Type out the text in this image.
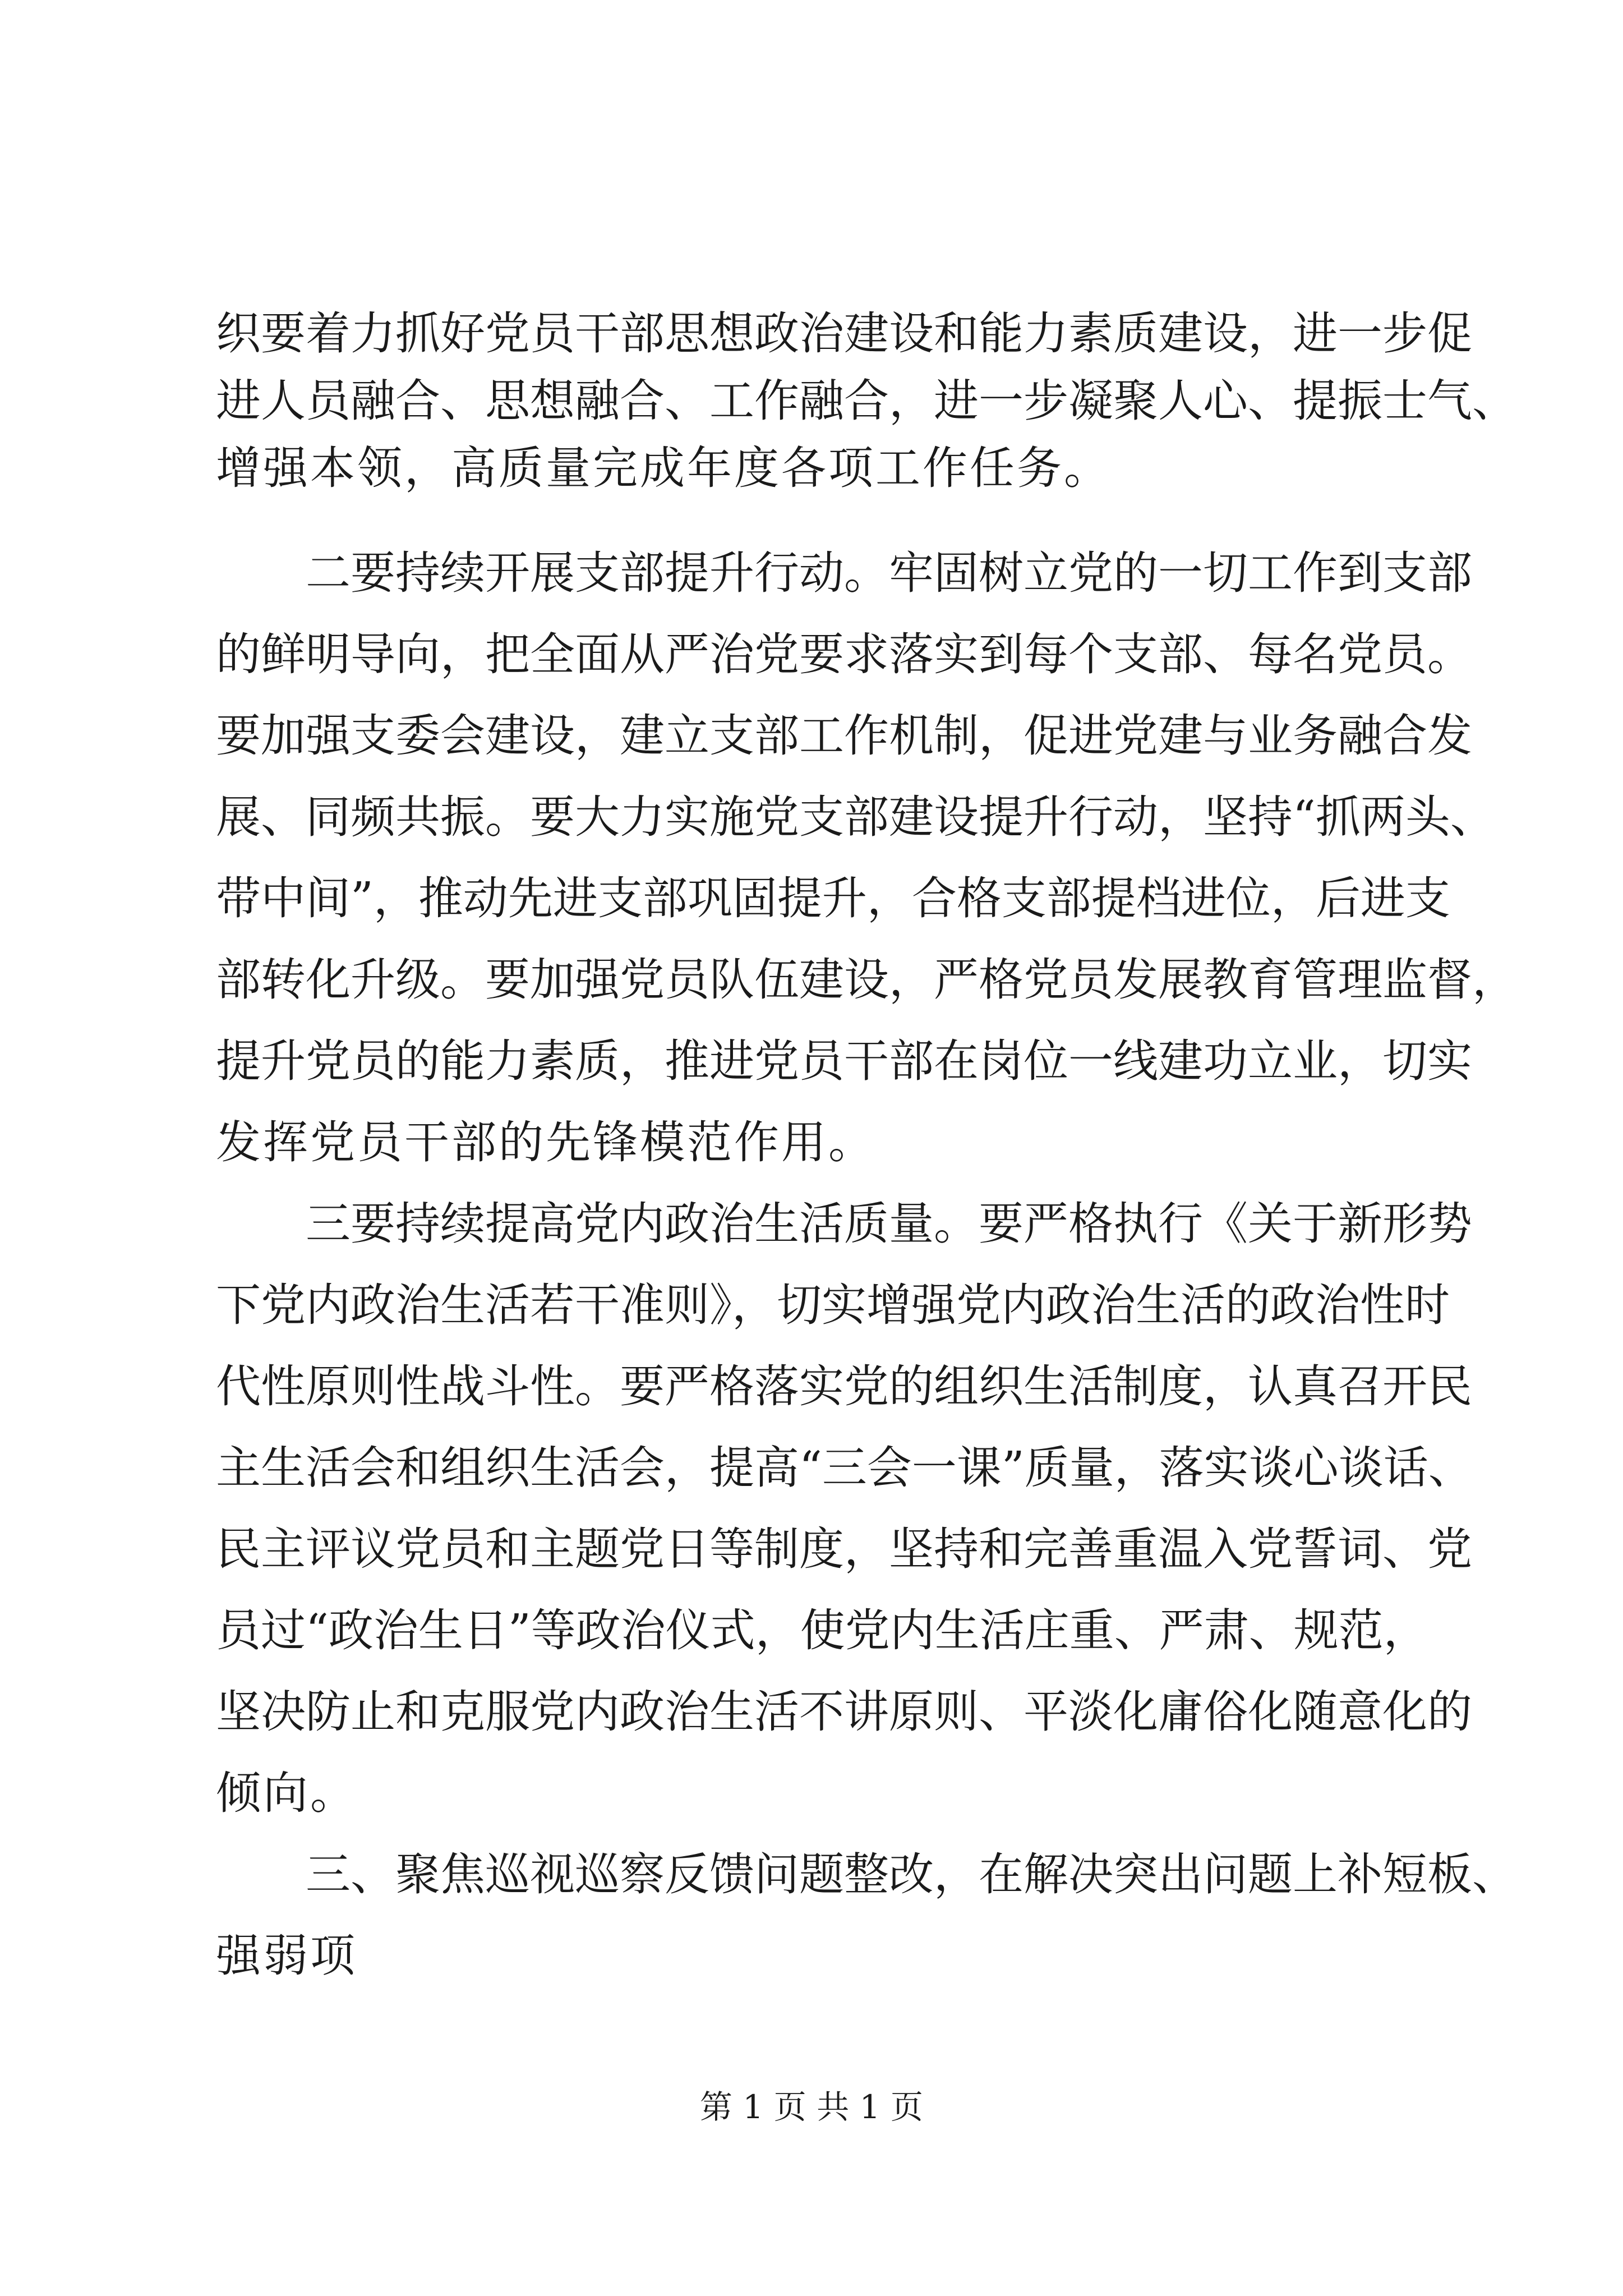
织要着力抓好党员干部思想政治建设和能力素质建设，进一步促
进人员融合、思想融合、工作融合，进一步凝聚人心、提振士气、
增强本领，高质量完成年度各项工作任务。
二要持续开展支部提升行动。牢固树立党的一切工作到支部
的鲜明导向，把全面从严治党要求落实到每个支部、每名党员。
要加强支委会建设，建立支部工作机制，促进党建与业务融合发
展、同频共振。要大力实施党支部建设提升行动，坚持“抓两头、
带中间”，推动先进支部巩固提升，合格支部提档进位，后进支
部转化升级。要加强党员队伍建设，严格党员发展教育管理监督，
提升党员的能力素质，推进党员干部在岗位一线建功立业，切实
发挥党员干部的先锋模范作用。
三要持续提高党内政治生活质量。要严格执行《关于新形势
下党内政治生活若干准则》，切实增强党内政治生活的政治性时
代性原则性战斗性。要严格落实党的组织生活制度，认真召开民
主生活会和组织生活会，提高“三会一课”质量，落实谈心谈话、
民主评议党员和主题党日等制度，坚持和完善重温入党誓词、党
员过“政治生日”等政治仪式，使党内生活庄重、严肃、规范，
坚决防止和克服党内政治生活不讲原则、平淡化庸俗化随意化的
倾向。
三、聚焦巡视巡察反馈问题整改，在解决突出问题上补短板、
强弱项
第 1 页 共 1 页
